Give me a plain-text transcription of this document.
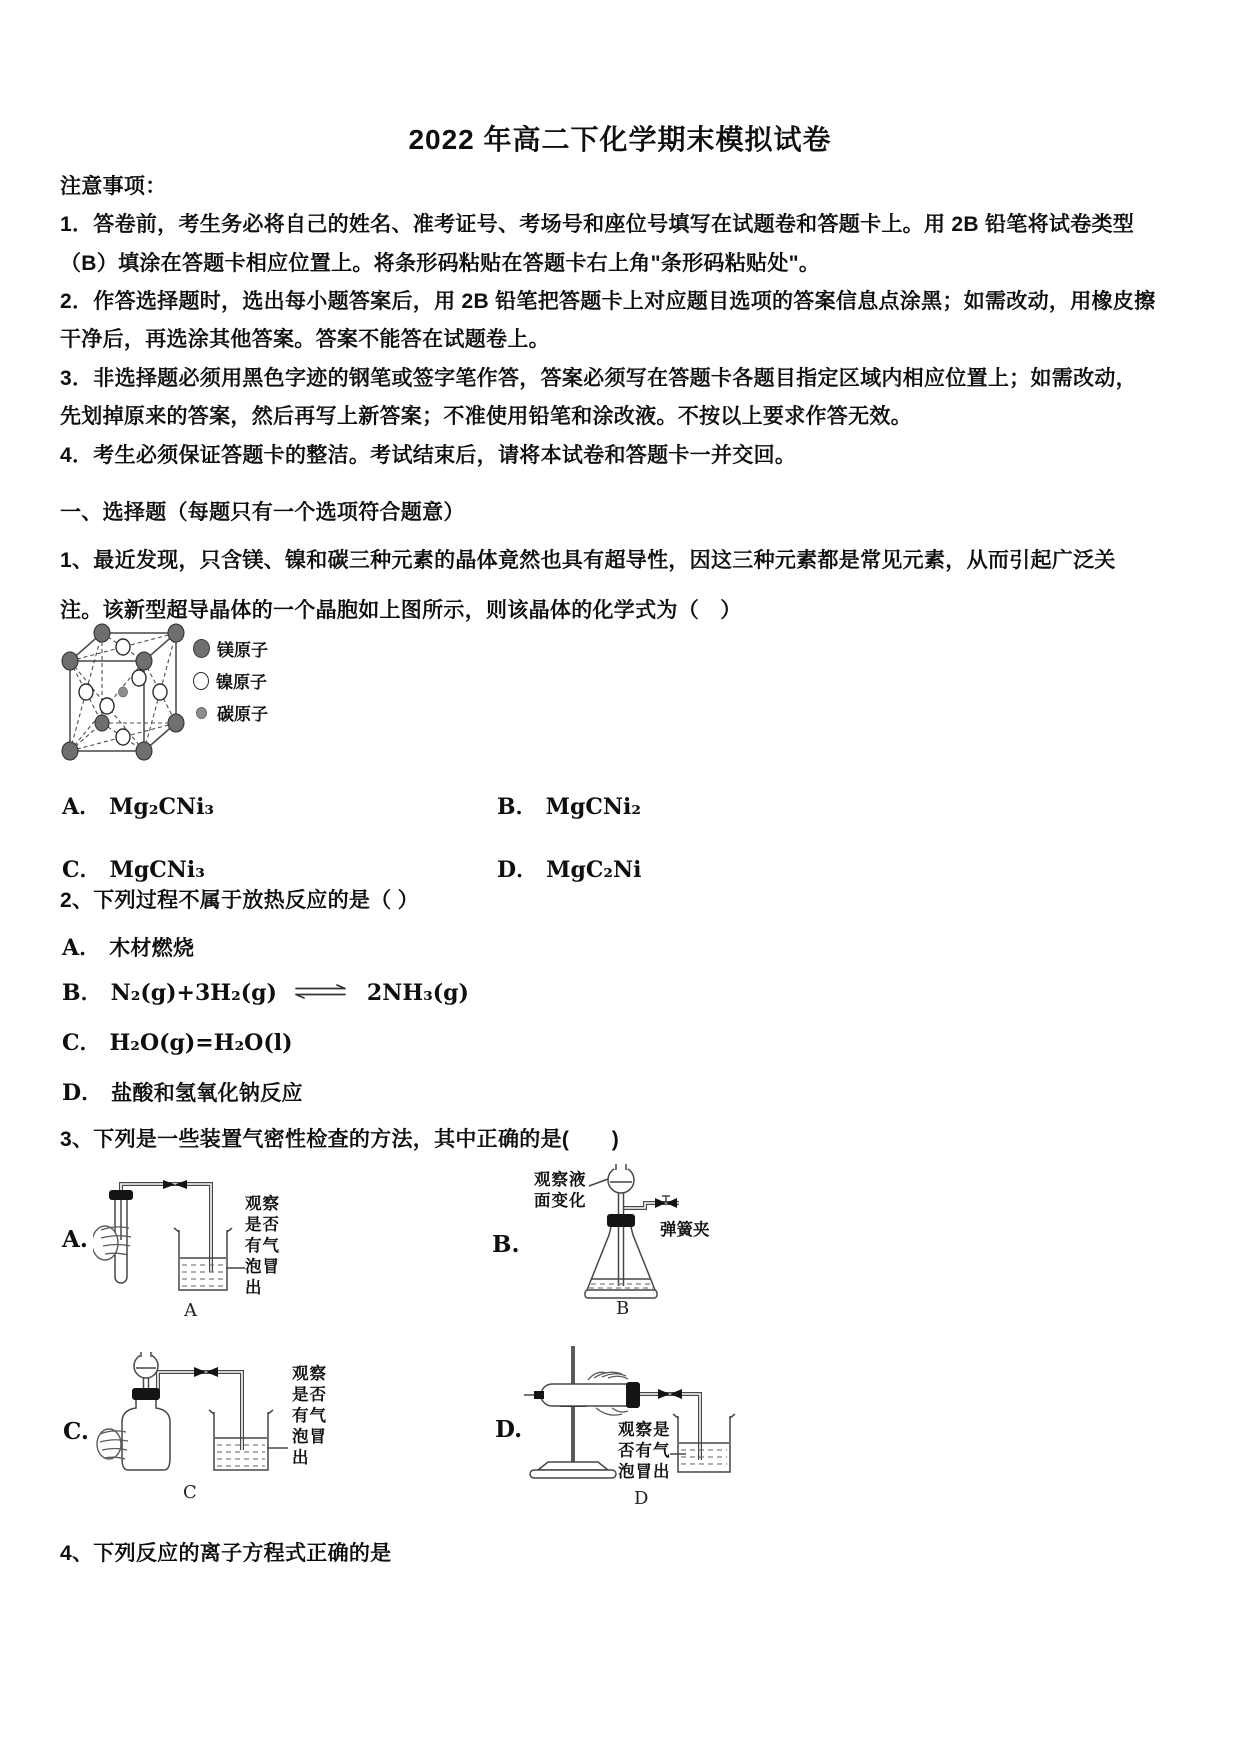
2022 年高二下化学期末模拟试卷
注意事项：
1．答卷前，考生务必将自己的姓名、准考证号、考场号和座位号填写在试题卷和答题卡上。用 2B 铅笔将试卷类型
（B）填涂在答题卡相应位置上。将条形码粘贴在答题卡右上角"条形码粘贴处"。
2．作答选择题时，选出每小题答案后，用 2B 铅笔把答题卡上对应题目选项的答案信息点涂黑；如需改动，用橡皮擦
干净后，再选涂其他答案。答案不能答在试题卷上。
3．非选择题必须用黑色字迹的钢笔或签字笔作答，答案必须写在答题卡各题目指定区域内相应位置上；如需改动，
先划掉原来的答案，然后再写上新答案；不准使用铅笔和涂改液。不按以上要求作答无效。
4．考生必须保证答题卡的整洁。考试结束后，请将本试卷和答题卡一并交回。
一、选择题（每题只有一个选项符合题意）
1、最近发现，只含镁、镍和碳三种元素的晶体竟然也具有超导性，因这三种元素都是常见元素，从而引起广泛关
注。该新型超导晶体的一个晶胞如上图所示，则该晶体的化学式为（　）
镁原子
镍原子
碳原子
A． Mg₂CNi₃	B． MgCNi₂
C． MgCNi₃	D． MgC₂Ni
2、下列过程不属于放热反应的是（ ）
A． 木材燃烧
B． N₂(g)+3H₂(g) ⇌ 2NH₃(g)
C． H₂O(g)=H₂O(l)
D． 盐酸和氢氧化钠反应
3、下列是一些装置气密性检查的方法，其中正确的是(　　)
A.	B.
C.	D.
观察是否有气泡冒出
A
观察液面变化
弹簧夹
B
观察是否有气泡冒出
C
观察是否有气泡冒出
D
4、下列反应的离子方程式正确的是
